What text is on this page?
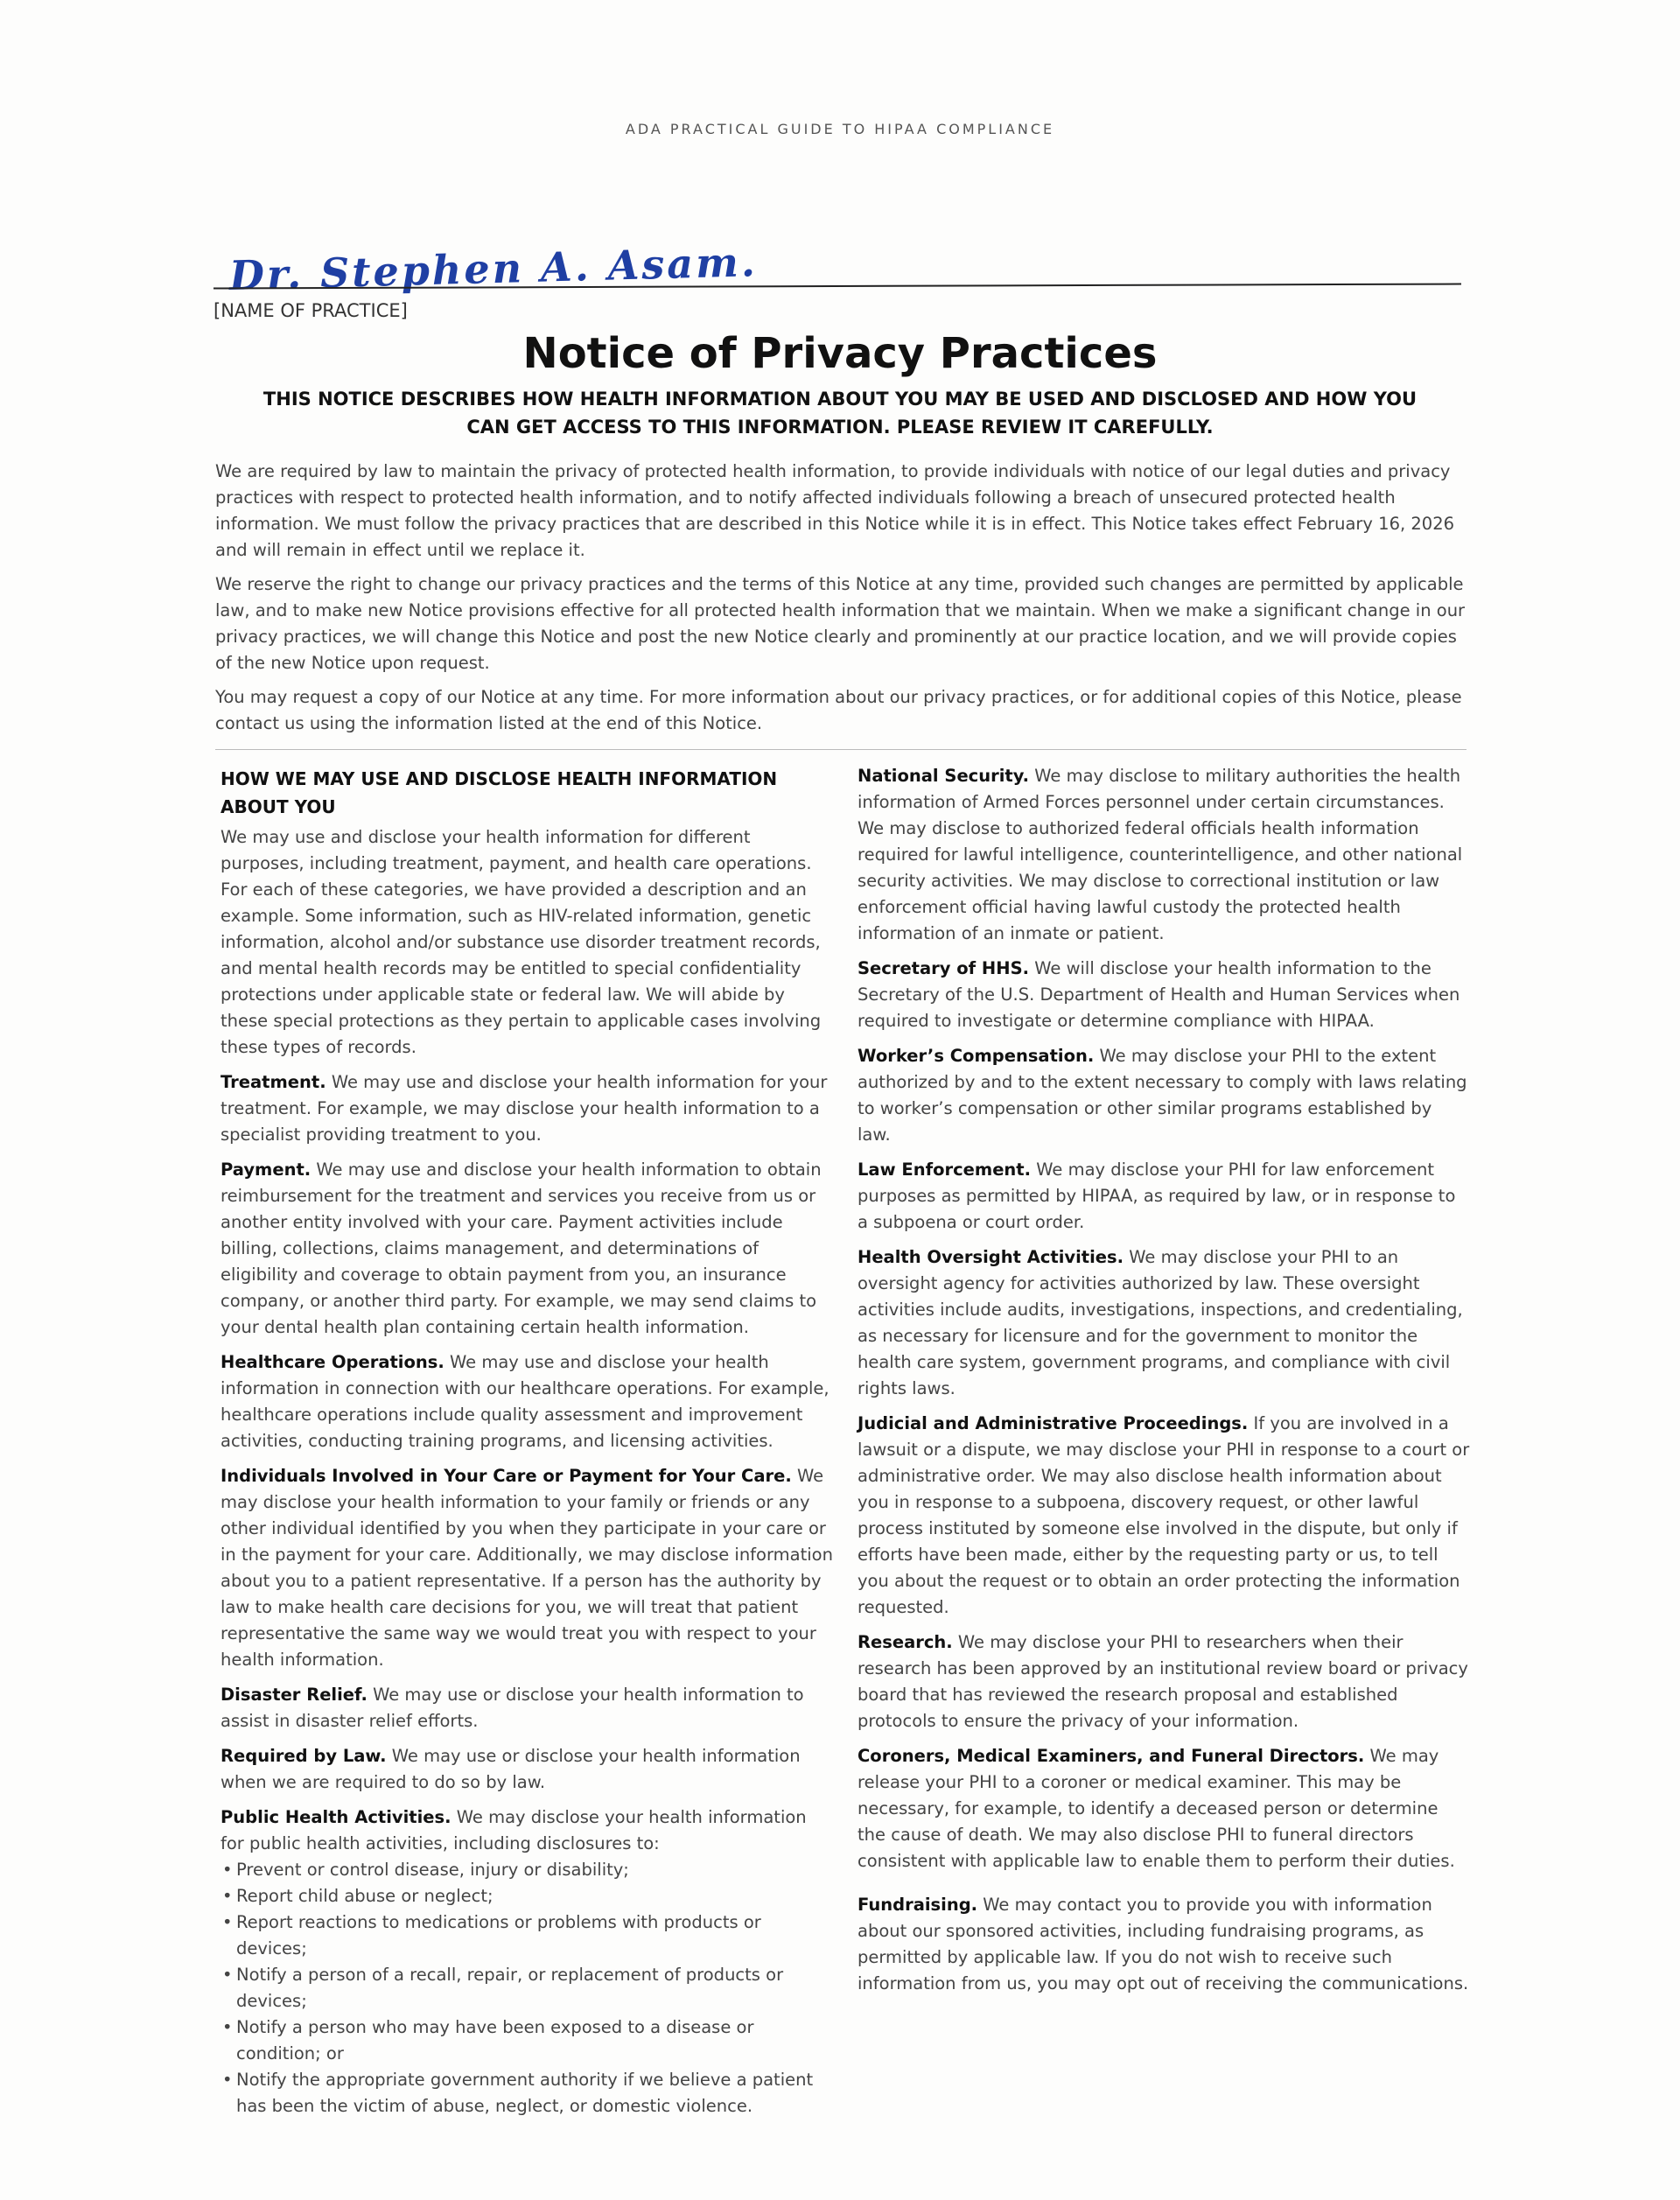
ADA PRACTICAL GUIDE TO HIPAA COMPLIANCE
Dr. Stephen A. Asam.
[NAME OF PRACTICE]
Notice of Privacy Practices
THIS NOTICE DESCRIBES HOW HEALTH INFORMATION ABOUT YOU MAY BE USED AND DISCLOSED AND HOW YOU CAN GET ACCESS TO THIS INFORMATION. PLEASE REVIEW IT CAREFULLY.

We are required by law to maintain the privacy of protected health information, to provide individuals with notice of our legal duties and privacy practices with respect to protected health information, and to notify affected individuals following a breach of unsecured protected health information. We must follow the privacy practices that are described in this Notice while it is in effect. This Notice takes effect February 16, 2026 and will remain in effect until we replace it.

We reserve the right to change our privacy practices and the terms of this Notice at any time, provided such changes are permitted by applicable law, and to make new Notice provisions effective for all protected health information that we maintain. When we make a significant change in our privacy practices, we will change this Notice and post the new Notice clearly and prominently at our practice location, and we will provide copies of the new Notice upon request.

You may request a copy of our Notice at any time. For more information about our privacy practices, or for additional copies of this Notice, please contact us using the information listed at the end of this Notice.

HOW WE MAY USE AND DISCLOSE HEALTH INFORMATION ABOUT YOU

We may use and disclose your health information for different purposes, including treatment, payment, and health care operations. For each of these categories, we have provided a description and an example. Some information, such as HIV-related information, genetic information, alcohol and/or substance use disorder treatment records, and mental health records may be entitled to special confidentiality protections under applicable state or federal law. We will abide by these special protections as they pertain to applicable cases involving these types of records.

Treatment. We may use and disclose your health information for your treatment. For example, we may disclose your health information to a specialist providing treatment to you.

Payment. We may use and disclose your health information to obtain reimbursement for the treatment and services you receive from us or another entity involved with your care. Payment activities include billing, collections, claims management, and determinations of eligibility and coverage to obtain payment from you, an insurance company, or another third party. For example, we may send claims to your dental health plan containing certain health information.

Healthcare Operations. We may use and disclose your health information in connection with our healthcare operations. For example, healthcare operations include quality assessment and improvement activities, conducting training programs, and licensing activities.

Individuals Involved in Your Care or Payment for Your Care. We may disclose your health information to your family or friends or any other individual identified by you when they participate in your care or in the payment for your care. Additionally, we may disclose information about you to a patient representative. If a person has the authority by law to make health care decisions for you, we will treat that patient representative the same way we would treat you with respect to your health information.

Disaster Relief. We may use or disclose your health information to assist in disaster relief efforts.

Required by Law. We may use or disclose your health information when we are required to do so by law.

Public Health Activities. We may disclose your health information for public health activities, including disclosures to:

• Prevent or control disease, injury or disability;
• Report child abuse or neglect;
• Report reactions to medications or problems with products or devices;
• Notify a person of a recall, repair, or replacement of products or devices;
• Notify a person who may have been exposed to a disease or condition; or
• Notify the appropriate government authority if we believe a patient has been the victim of abuse, neglect, or domestic violence.

National Security. We may disclose to military authorities the health information of Armed Forces personnel under certain circumstances. We may disclose to authorized federal officials health information required for lawful intelligence, counterintelligence, and other national security activities. We may disclose to correctional institution or law enforcement official having lawful custody the protected health information of an inmate or patient.

Secretary of HHS. We will disclose your health information to the Secretary of the U.S. Department of Health and Human Services when required to investigate or determine compliance with HIPAA.

Worker’s Compensation. We may disclose your PHI to the extent authorized by and to the extent necessary to comply with laws relating to worker’s compensation or other similar programs established by law.

Law Enforcement. We may disclose your PHI for law enforcement purposes as permitted by HIPAA, as required by law, or in response to a subpoena or court order.

Health Oversight Activities. We may disclose your PHI to an oversight agency for activities authorized by law. These oversight activities include audits, investigations, inspections, and credentialing, as necessary for licensure and for the government to monitor the health care system, government programs, and compliance with civil rights laws.

Judicial and Administrative Proceedings. If you are involved in a lawsuit or a dispute, we may disclose your PHI in response to a court or administrative order. We may also disclose health information about you in response to a subpoena, discovery request, or other lawful process instituted by someone else involved in the dispute, but only if efforts have been made, either by the requesting party or us, to tell you about the request or to obtain an order protecting the information requested.

Research. We may disclose your PHI to researchers when their research has been approved by an institutional review board or privacy board that has reviewed the research proposal and established protocols to ensure the privacy of your information.

Coroners, Medical Examiners, and Funeral Directors. We may release your PHI to a coroner or medical examiner. This may be necessary, for example, to identify a deceased person or determine the cause of death. We may also disclose PHI to funeral directors consistent with applicable law to enable them to perform their duties.

Fundraising. We may contact you to provide you with information about our sponsored activities, including fundraising programs, as permitted by applicable law. If you do not wish to receive such information from us, you may opt out of receiving the communications.
